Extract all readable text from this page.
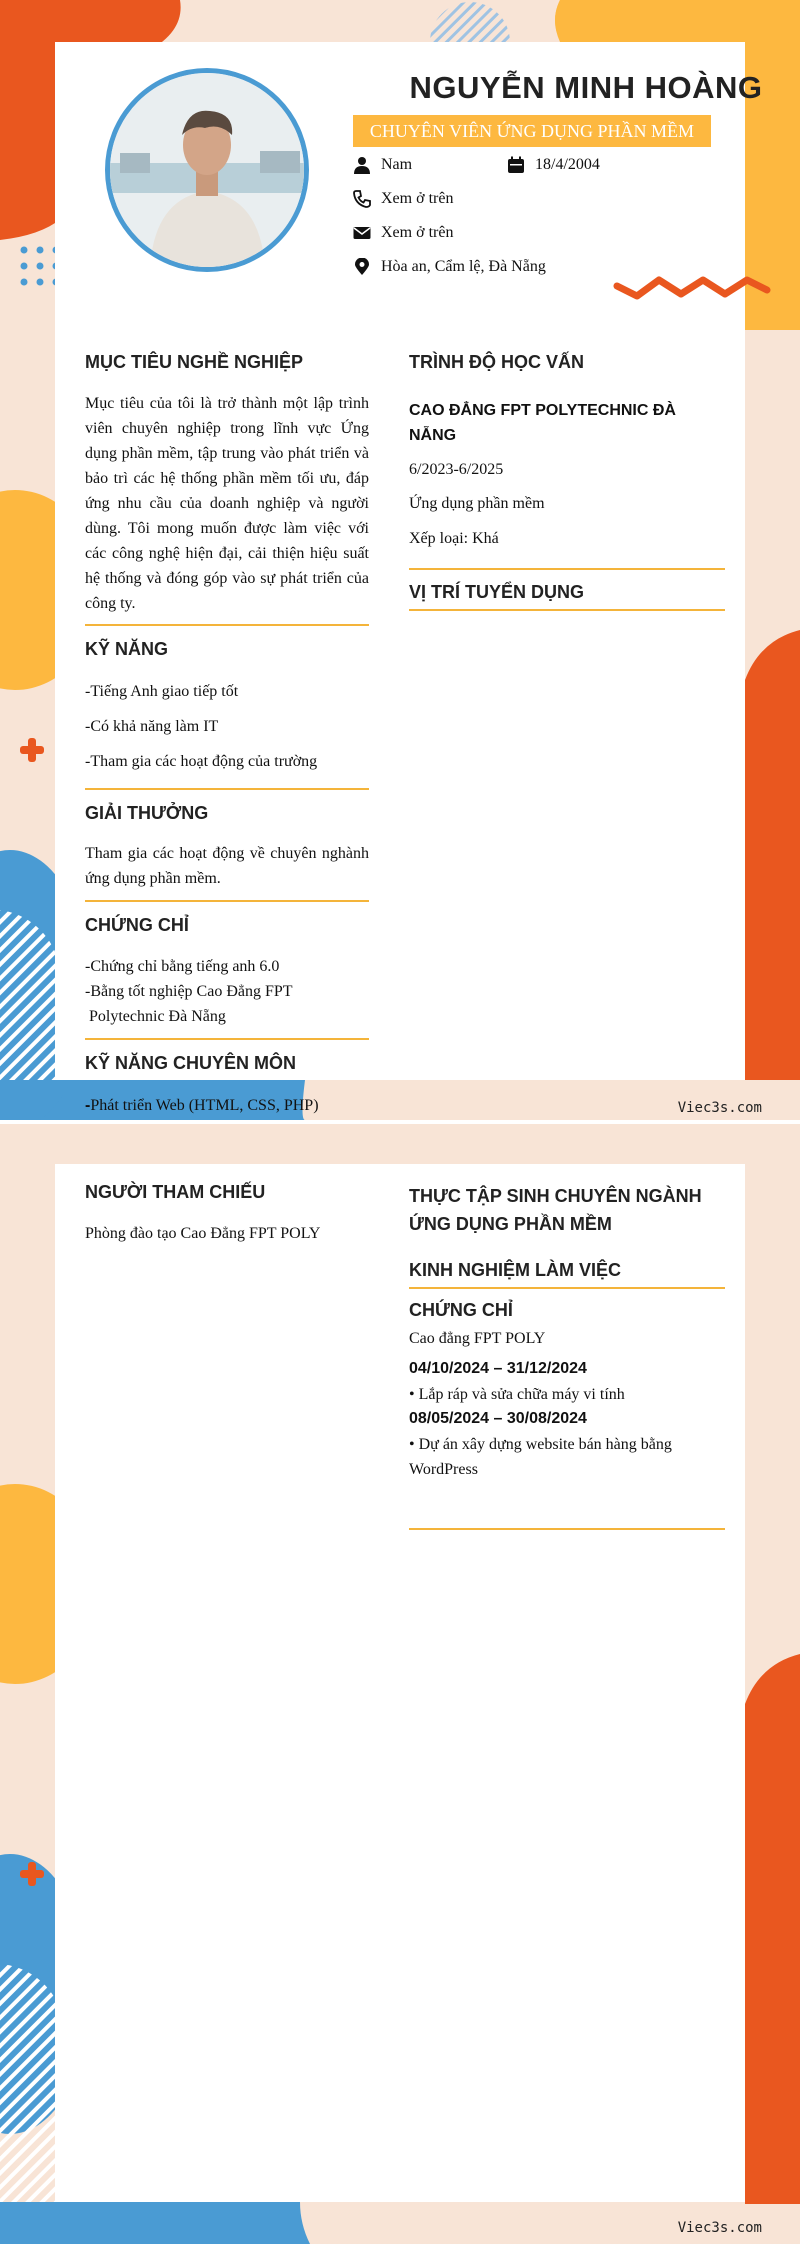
NGUYỄN MINH HOÀNG
CHUYÊN VIÊN ỨNG DỤNG PHẦN MỀM
Nam	18/4/2004
Xem ở trên
Xem ở trên
Hòa an, Cẩm lệ, Đà Nẵng
MỤC TIÊU NGHỀ NGHIỆP
Mục tiêu của tôi là trở thành một lập trình viên chuyên nghiệp trong lĩnh vực Ứng dụng phần mềm, tập trung vào phát triển và bảo trì các hệ thống phần mềm tối ưu, đáp ứng nhu cầu của doanh nghiệp và người dùng. Tôi mong muốn được làm việc với các công nghệ hiện đại, cải thiện hiệu suất hệ thống và đóng góp vào sự phát triển của công ty.
KỸ NĂNG
-Tiếng Anh giao tiếp tốt
-Có khả năng làm IT
-Tham gia các hoạt động của trường
GIẢI THƯỞNG
Tham gia các hoạt động về chuyên nghành ứng dụng phần mềm.
CHỨNG CHỈ
-Chứng chỉ bằng tiếng anh 6.0
-Bằng tốt nghiệp Cao Đẳng FPT
Polytechnic Đà Nẵng
KỸ NĂNG CHUYÊN MÔN
TRÌNH ĐỘ HỌC VẤN
CAO ĐẲNG FPT POLYTECHNIC ĐÀ NẴNG
6/2023-6/2025
Ứng dụng phần mềm
Xếp loại: Khá
VỊ TRÍ TUYỂN DỤNG
-Phát triển Web (HTML, CSS, PHP)	Viec3s.com
NGƯỜI THAM CHIẾU
Phòng đào tạo Cao Đẳng FPT POLY
THỰC TẬP SINH CHUYÊN NGÀNH ỨNG DỤNG PHẦN MỀM
KINH NGHIỆM LÀM VIỆC
CHỨNG CHỈ
Cao đẳng FPT POLY
04/10/2024 – 31/12/2024
• Lắp ráp và sửa chữa máy vi tính
08/05/2024 – 30/08/2024
• Dự án xây dựng website bán hàng bằng WordPress
Viec3s.com
